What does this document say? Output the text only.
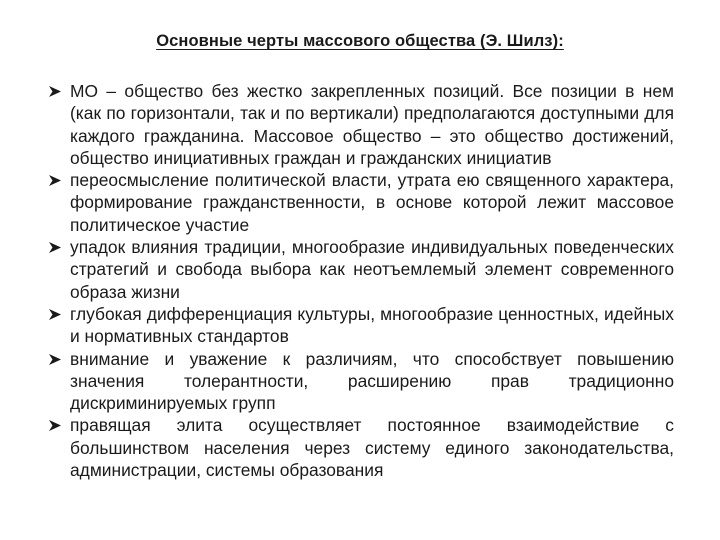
Основные черты массового общества (Э. Шилз):
МО – общество без жестко закрепленных позиций. Все позиции в нем (как по горизонтали, так и по вертикали) предполагаются доступными для каждого гражданина. Массовое общество – это общество достижений, общество инициативных граждан и гражданских инициатив
переосмысление политической власти, утрата ею священного характера, формирование гражданственности, в основе которой лежит массовое политическое участие
упадок влияния традиции, многообразие индивидуальных поведенческих стратегий и свобода выбора как неотъемлемый элемент современного образа жизни
глубокая дифференциация культуры, многообразие ценностных, идейных и нормативных стандартов
внимание и уважение к различиям, что способствует повышению значения толерантности, расширению прав традиционно дискриминируемых групп
правящая элита осуществляет постоянное взаимодействие с большинством населения через систему единого законодательства, администрации, системы образования
